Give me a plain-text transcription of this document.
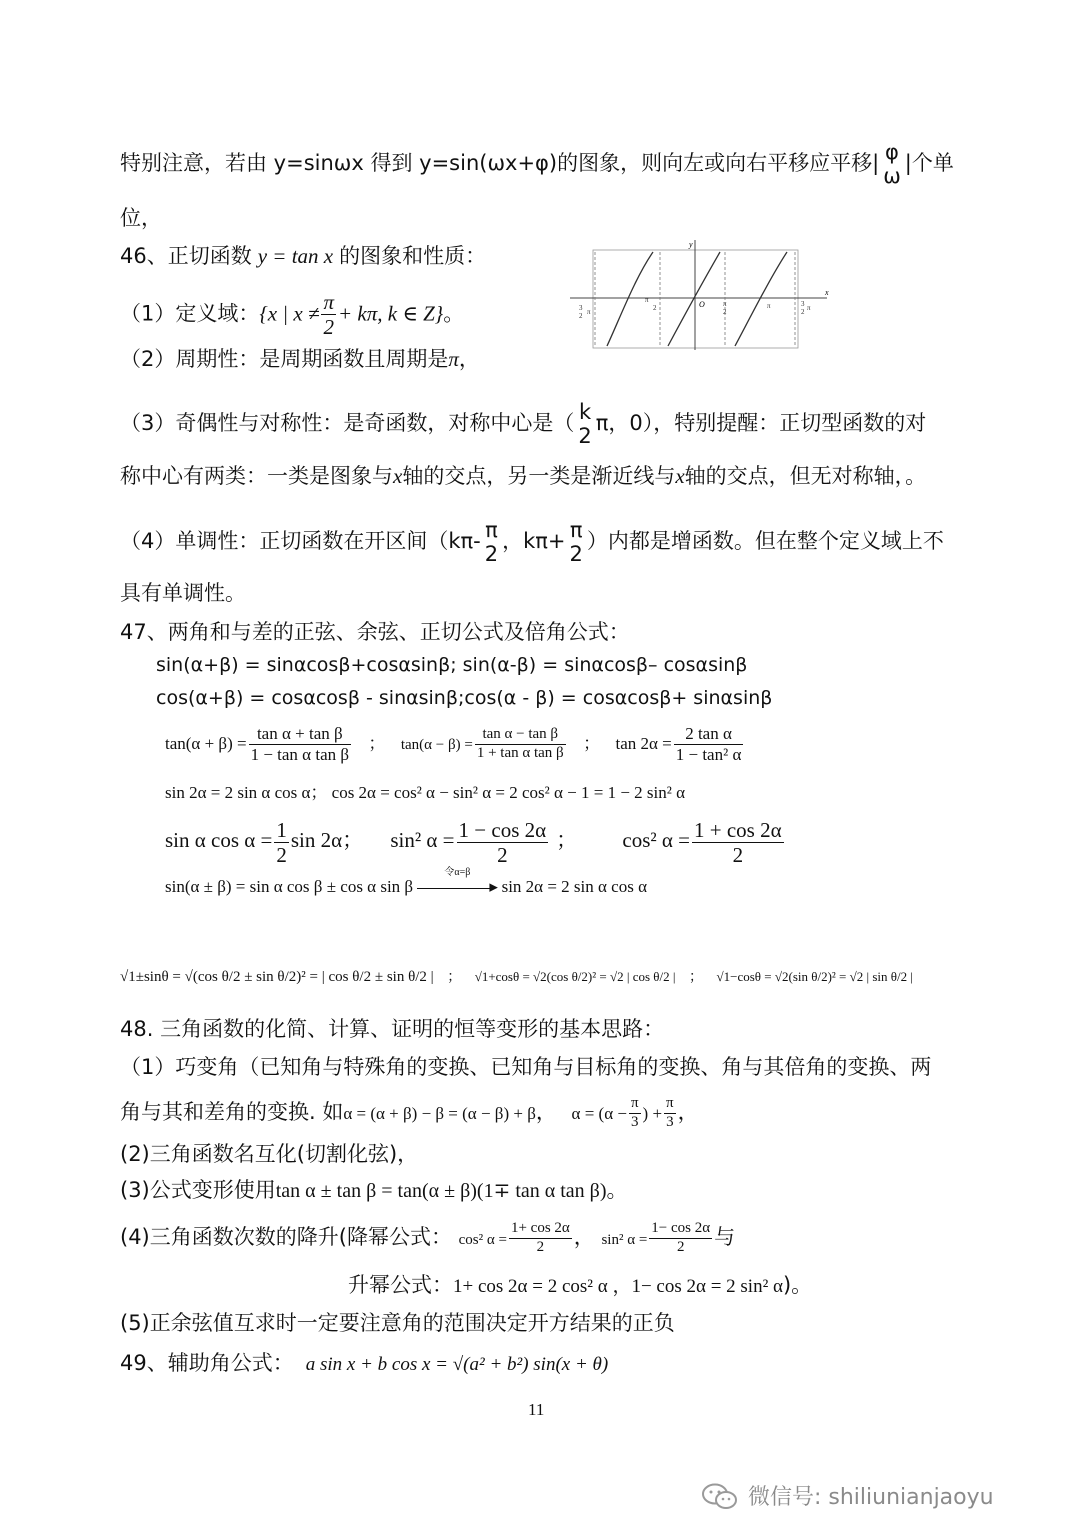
特别注意，若由 y=sinωx 得到 y=sin(ωx+φ)的图象，则向左或向右平移应平移| φ
ω
|个单
位，
46、正切函数 y = tan x 的图象和性质：
（1）定义域：{x | $x \ne \frac{\pi}{2} + k\pi$, k ∈ Z}。
（2）周期性：是周期函数且周期是π，
（3）奇偶性与对称性：是奇函数，对称中心是（ k
2
π，0），特别提醒：正切型函数的对
称中心有两类：一类是图象与x轴的交点，另一类是渐近线与x轴的交点，但无对称轴，。
（4）单调性：正切函数在开区间（kπ- π
2
，kπ+ π
2
）内都是增函数。但在整个定义域上不
具有单调性。
y
x
O
3
2 π
π
2	π
2
π	3
2 π
47、两角和与差的正弦、余弦、正切公式及倍角公式：
sin(α+β) = sinαcosβ+cosαsinβ; sin(α-β) = sinαcosβ– cosαsinβ
cos(α+β) = cosαcosβ - sinαsinβ;cos(α - β) = cosαcosβ+ sinαsinβ
$\tan(\alpha + \beta) = \frac{\text{tan α + tan β}}{\text{1 − tan α tan β}}$ ； $\tan(\alpha - \beta) = \frac{\text{tan α − tan β}}{\text{1 + tan α tan β}}$ ； $\tan 2\alpha = \frac{\text{2 tan α}}{\text{1 − tan² α}}$
sin 2α = 2 sin α cos α； cos 2α = cos² α − sin² α = 2 cos² α − 1 = 1 − 2 sin² α
sin α $\cos \alpha = \frac{1}{2}$ sin 2α； sin² $\alpha = \frac{1 - \cos 2\alpha}{2}$ ； cos² $\alpha = \frac{1 + \cos 2\alpha}{2}$
sin(α ± β) = sin α cos β ± cos α sin β
令α=β
▸ sin 2α = 2 sin α cos α
√1±sinθ = √(cos θ/2 ± sin θ/2)² = | cos θ/2 ± sin θ/2 | ； √1+cosθ = √2(cos θ/2)² = √2 | cos θ/2 | ； √1−cosθ = √2(sin θ/2)² = √2 | sin θ/2 |
48. 三角函数的化简、计算、证明的恒等变形的基本思路：
（1）巧变角（已知角与特殊角的变换、已知角与目标角的变换、角与其倍角的变换、两
角与其和差角的变换. 如α = (α + β) − β = (α − β) + β， $\alpha = (\alpha - \frac{\pi}{3}$ ) + $\frac{\pi}{3}$ ，
(2)三角函数名互化(切割化弦)，
(3)公式变形使用tan α ± tan β = tan(α ± β)(1∓ tan α tan β)。
(4)三角函数次数的降升(降幂公式： cos² $\alpha = \frac{1+ \cos 2\alpha}{2}$ ， sin² $\alpha = \frac{1- \cos 2\alpha}{2}$ 与
升幂公式：1+ cos 2α = 2 cos² α ，1− cos 2α = 2 sin² α)。
(5)正余弦值互求时一定要注意角的范围决定开方结果的正负
49、辅助角公式： a sin x + b cos x = √(a² + b²) sin(x + θ)
11
微信号: shiliunianjaoyu
